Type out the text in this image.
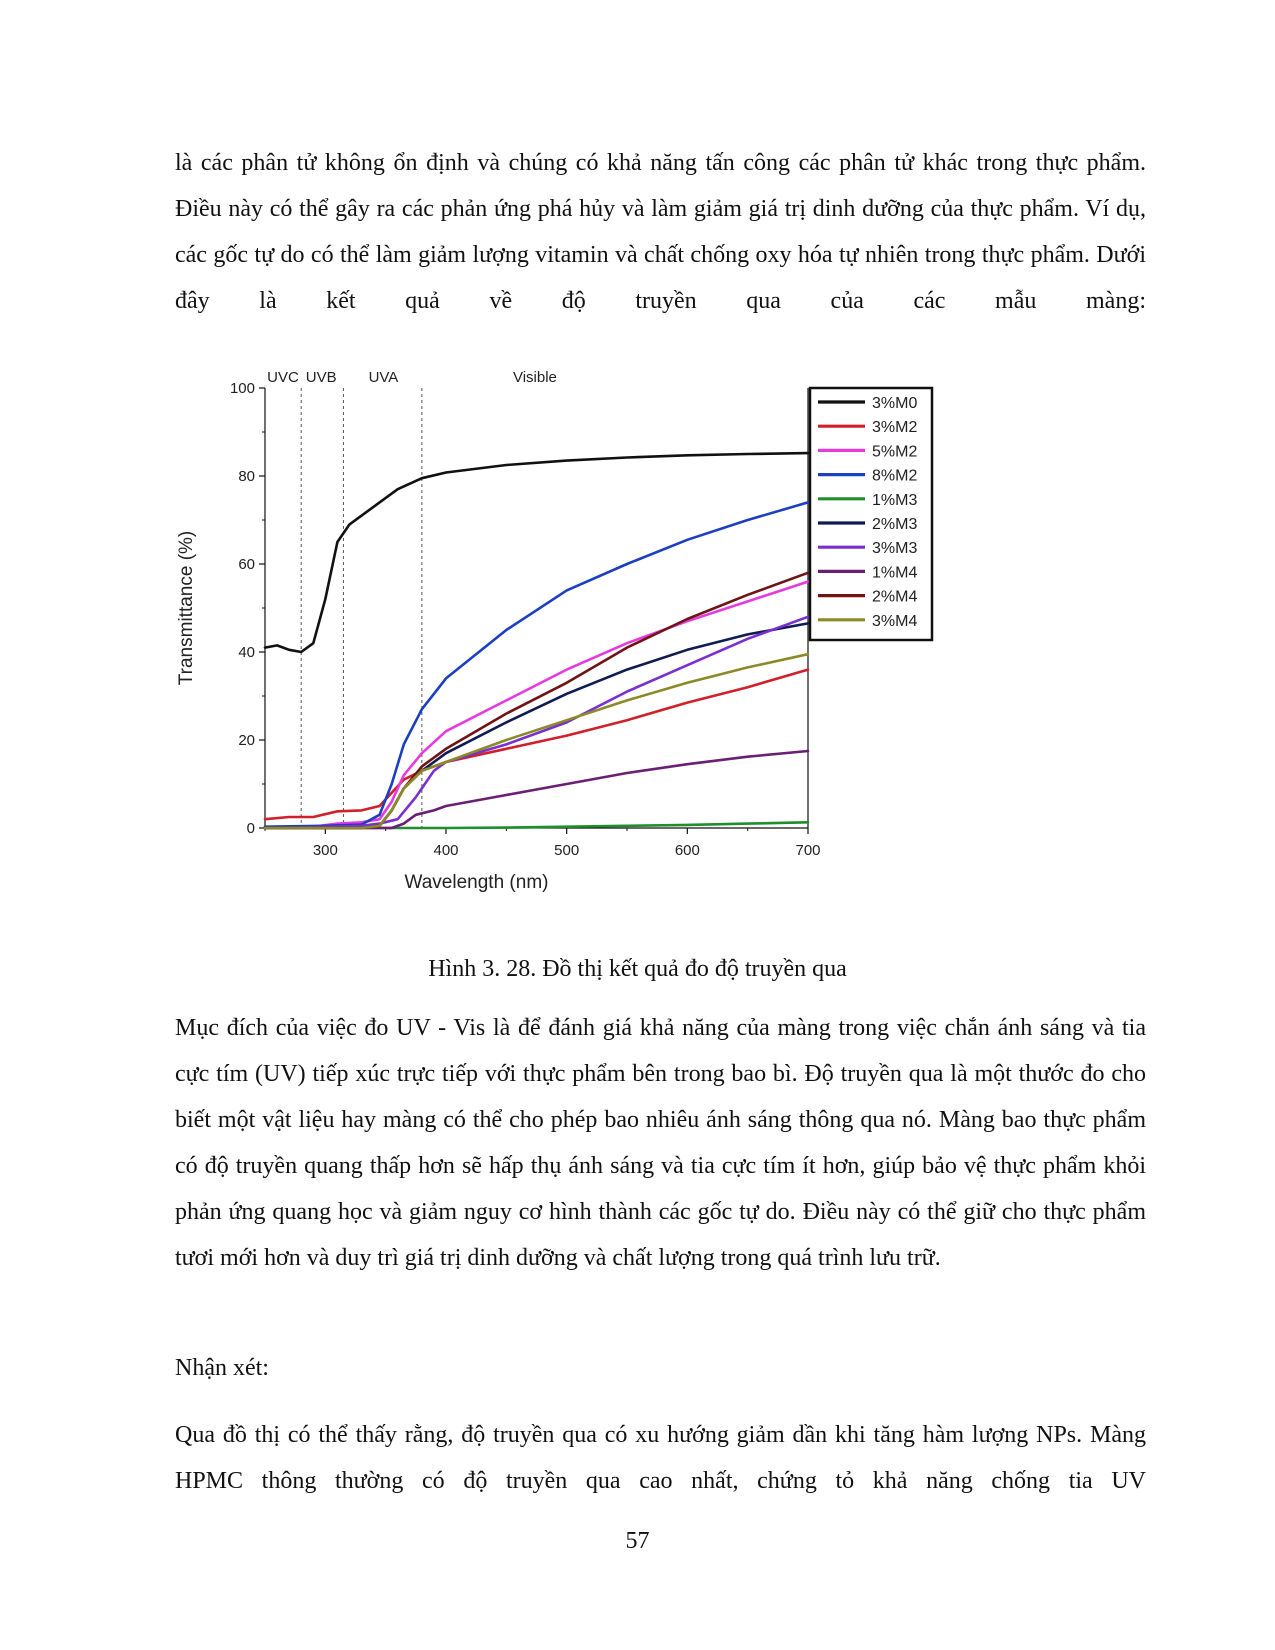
là các phân tử không ổn định và chúng có khả năng tấn công các phân tử khác trong thực phẩm. Điều này có thể gây ra các phản ứng phá hủy và làm giảm giá trị dinh dưỡng của thực phẩm. Ví dụ, các gốc tự do có thể làm giảm lượng vitamin và chất chống oxy hóa tự nhiên trong thực phẩm. Dưới đây là kết quả về độ truyền qua của các mẫu màng:
UVC UVB UVA	Visible
0
20
40
60
80
100
300	400	500	600	700
Wavelength (nm)
Transmittance (%)
3%M0
3%M2
5%M2
8%M2
1%M3
2%M3
3%M3
1%M4
2%M4
3%M4
Hình 3. 28. Đồ thị kết quả đo độ truyền qua
Mục đích của việc đo UV - Vis là để đánh giá khả năng của màng trong việc chắn ánh sáng và tia cực tím (UV) tiếp xúc trực tiếp với thực phẩm bên trong bao bì. Độ truyền qua là một thước đo cho biết một vật liệu hay màng có thể cho phép bao nhiêu ánh sáng thông qua nó. Màng bao thực phẩm có độ truyền quang thấp hơn sẽ hấp thụ ánh sáng và tia cực tím ít hơn, giúp bảo vệ thực phẩm khỏi phản ứng quang học và giảm nguy cơ hình thành các gốc tự do. Điều này có thể giữ cho thực phẩm tươi mới hơn và duy trì giá trị dinh dưỡng và chất lượng trong quá trình lưu trữ.
Nhận xét:
Qua đồ thị có thể thấy rằng, độ truyền qua có xu hướng giảm dần khi tăng hàm lượng NPs. Màng HPMC thông thường có độ truyền qua cao nhất, chứng tỏ khả năng chống tia UV
57
